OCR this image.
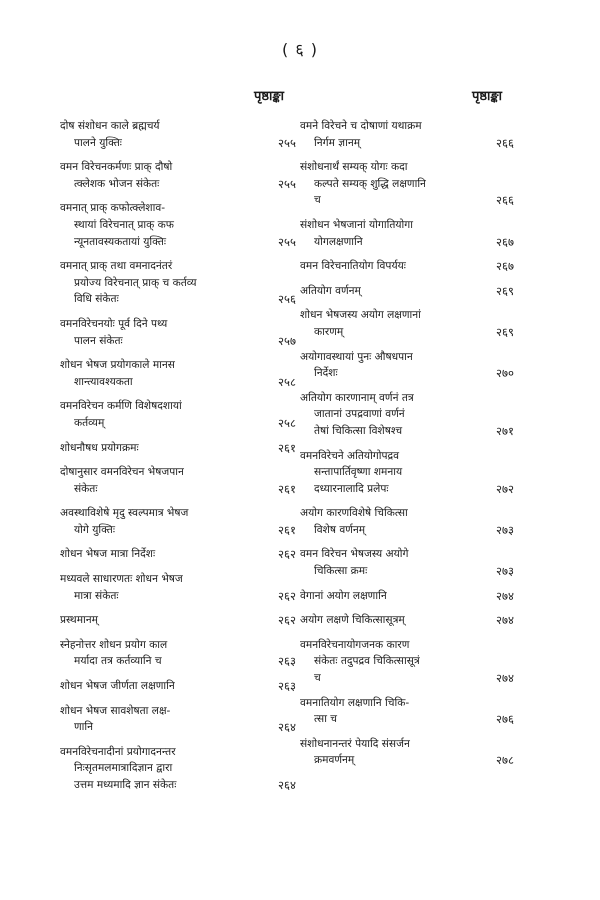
( ६ )
पृष्ठाङ्का
दोष संशोधन काले ब्रह्मचर्य
२५५
पालने युक्तिः
वमन विरेचनकर्मणः प्राक् दौषो
२५५
त्क्लेशक भोजन संकेतः
वमनात् प्राक् कफोत्क्लेशाव-
स्थायां विरेचनात् प्राक् कफ
२५५
न्यूनतावस्यकतायां युक्तिः
वमनात् प्राक् तथा वमनादनंतरं
प्रयोज्य विरेचनात् प्राक् च कर्तव्य
२५६
विधि संकेतः
वमनविरेचनयोः पूर्व दिने पथ्य
२५७
पालन संकेतः
शोधन भेषज प्रयोगकाले मानस
२५८
शान्त्यावश्यकता
वमनविरेचन कर्मणि विशेषदशायां
२५८
कर्तव्यम्
२६१
शोधनौषध प्रयोगक्रमः
दोषानुसार वमनविरेचन भेषजपान
२६१
संकेतः
अवस्थाविशेषे मृदु स्वल्पमात्र भेषज
२६१
योगे युक्तिः
२६२
शोधन भेषज मात्रा निर्देशः
मध्यवले साधारणतः शोधन भेषज
२६२
मात्रा संकेतः
२६२
प्रस्थमानम्
स्नेहनोत्तर शोधन प्रयोग काल
२६३
मर्यादा तत्र कर्तव्यानि च
२६३
शोधन भेषज जीर्णता लक्षणानि
शोधन भेषज सावशेषता लक्ष-
२६४
णानि
वमनविरेचनादीनां प्रयोगादनन्तर
निःसृतमलमात्रादिज्ञान द्वारा
२६४
उत्तम मध्यमादि ज्ञान संकेतः
पृष्ठाङ्का
वमने विरेचने च दोषाणां यथाक्रम
२६६
निर्गम ज्ञानम्
संशोधनार्थं सम्यक् योगः कदा
कल्पते सम्यक् शुद्धि लक्षणानि
२६६
च
संशोधन भेषजानां योगातियोगा
२६७
योगलक्षणानि
२६७
वमन विरेचनातियोग विपर्ययः
२६९
अतियोग वर्णनम्
शोधन भेषजस्य अयोग लक्षणानां
२६९
कारणम्
अयोगावस्थायां पुनः औषधपान
२७०
निर्देशः
अतियोग कारणानाम् वर्णनं तत्र
जातानां उपद्रवाणां वर्णनं
२७१
तेषां चिकित्सा विशेषश्च
वमनविरेचने अतियोगोपद्रव
सन्तापार्तिवृष्णा शमनाय
२७२
दध्यारनालादि प्रलेपः
अयोग कारणविशेषे चिकित्सा
२७३
विशेष वर्णनम्
वमन विरेचन भेषजस्य अयोगे
२७३
चिकित्सा क्रमः
२७४
वेगानां अयोग लक्षणानि
२७४
अयोग लक्षणे चिकित्सासूत्रम्
वमनविरेचनायोगजनक कारण
संकेतः तदुपद्रव चिकित्सासूत्रं
२७४
च
वमनातियोग लक्षणानि चिकि-
२७६
त्सा च
संशोधनानन्तरं पेयादि संसर्जन
२७८
क्रमवर्णनम्
